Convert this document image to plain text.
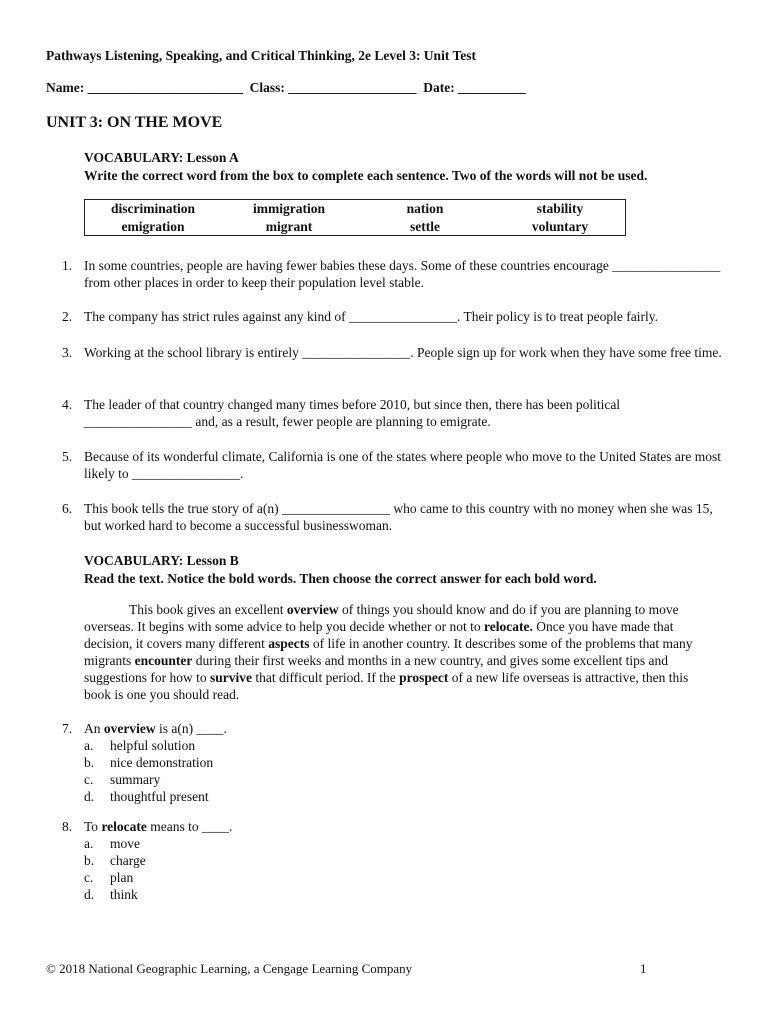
Pathways Listening, Speaking, and Critical Thinking, 2e Level 3: Unit Test
Name: _______________________  Class: ___________________  Date: __________
UNIT 3: ON THE MOVE
VOCABULARY: Lesson A
Write the correct word from the box to complete each sentence. Two of the words will not be used.
discrimination	immigration	nation	stability
emigration	migrant	settle	voluntary
1. In some countries, people are having fewer babies these days. Some of these countries encourage ________________ from other places in order to keep their population level stable.
2. The company has strict rules against any kind of ________________. Their policy is to treat people fairly.
3. Working at the school library is entirely ________________. People sign up for work when they have some free time.
4. The leader of that country changed many times before 2010, but since then, there has been political ________________ and, as a result, fewer people are planning to emigrate.
5. Because of its wonderful climate, California is one of the states where people who move to the United States are most likely to ________________.
6. This book tells the true story of a(n) ________________ who came to this country with no money when she was 15, but worked hard to become a successful businesswoman.
VOCABULARY: Lesson B
Read the text. Notice the bold words. Then choose the correct answer for each bold word.
This book gives an excellent overview of things you should know and do if you are planning to move overseas. It begins with some advice to help you decide whether or not to relocate. Once you have made that decision, it covers many different aspects of life in another country. It describes some of the problems that many migrants encounter during their first weeks and months in a new country, and gives some excellent tips and suggestions for how to survive that difficult period. If the prospect of a new life overseas is attractive, then this book is one you should read.
7. An overview is a(n) ____.
a. helpful solution
b. nice demonstration
c. summary
d. thoughtful present
8. To relocate means to ____.
a. move
b. charge
c. plan
d. think
© 2018 National Geographic Learning, a Cengage Learning Company	1
